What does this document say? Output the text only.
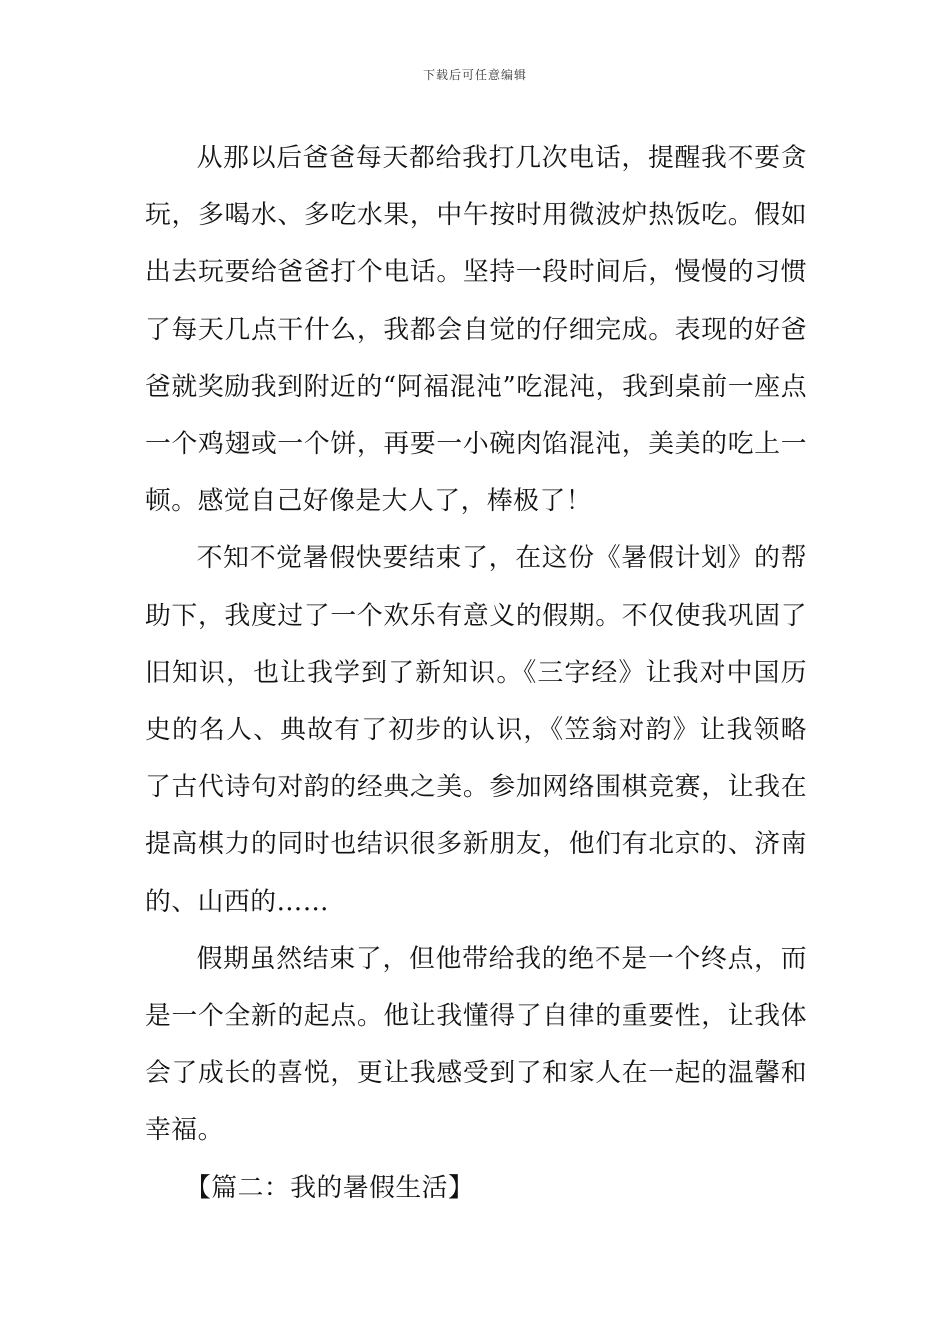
下载后可任意编辑

从那以后爸爸每天都给我打几次电话，提醒我不要贪玩，多喝水、多吃水果，中午按时用微波炉热饭吃。假如出去玩要给爸爸打个电话。坚持一段时间后，慢慢的习惯了每天几点干什么，我都会自觉的仔细完成。表现的好爸爸就奖励我到附近的“阿福混沌”吃混沌，我到桌前一座点一个鸡翅或一个饼，再要一小碗肉馅混沌，美美的吃上一顿。感觉自己好像是大人了，棒极了！

不知不觉暑假快要结束了，在这份《暑假计划》的帮助下，我度过了一个欢乐有意义的假期。不仅使我巩固了旧知识，也让我学到了新知识。《三字经》让我对中国历史的名人、典故有了初步的认识，《笠翁对韵》让我领略了古代诗句对韵的经典之美。参加网络围棋竞赛，让我在提高棋力的同时也结识很多新朋友，他们有北京的、济南的、山西的……

假期虽然结束了，但他带给我的绝不是一个终点，而是一个全新的起点。他让我懂得了自律的重要性，让我体会了成长的喜悦，更让我感受到了和家人在一起的温馨和幸福。

【篇二：我的暑假生活】
